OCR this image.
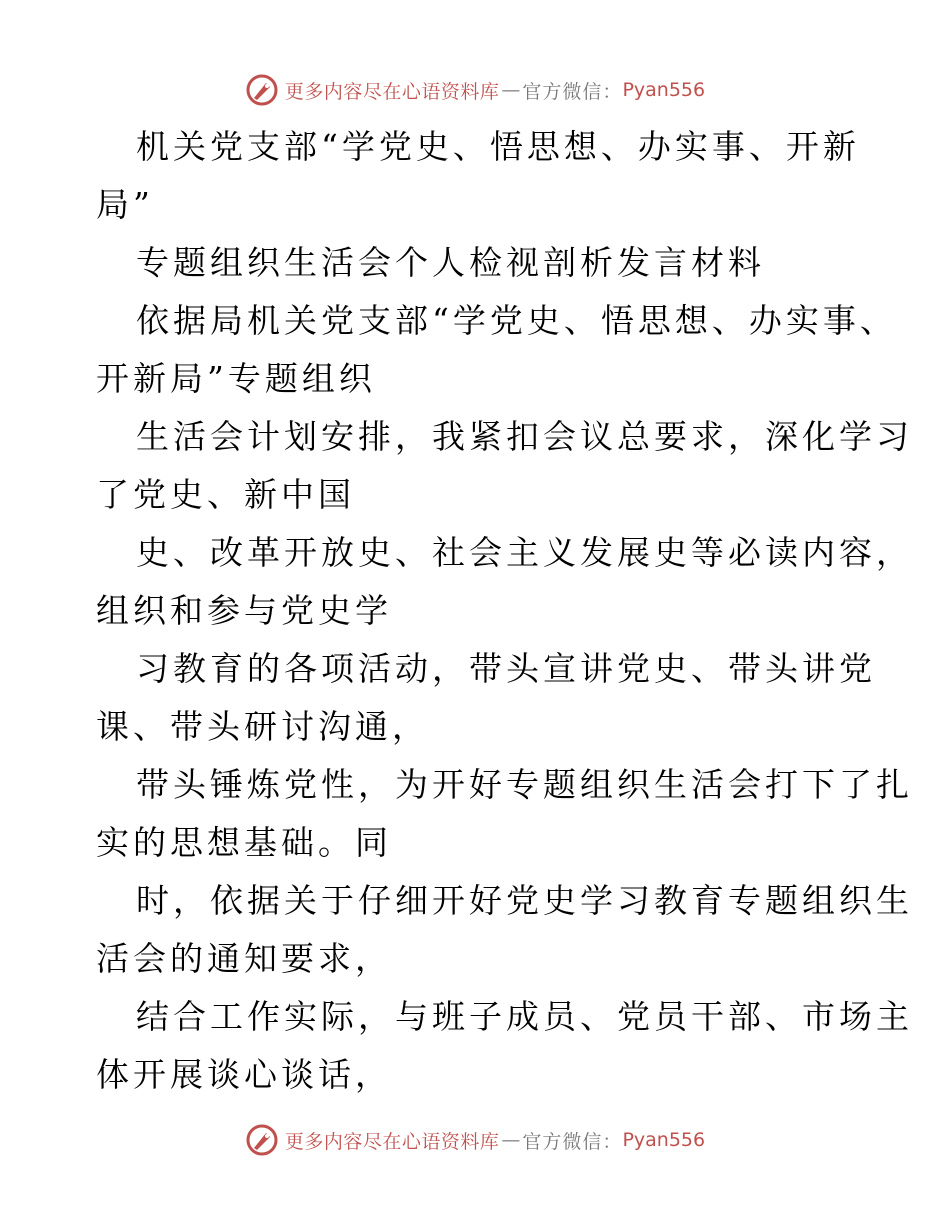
更多内容尽在心语资料库 — 官方微信： Pyan556

机关党支部“学党史、悟思想、办实事、开新
局”

专题组织生活会个人检视剖析发言材料

依据局机关党支部“学党史、悟思想、办实事、
开新局”专题组织

生活会计划安排，我紧扣会议总要求，深化学习
了党史、新中国

史、改革开放史、社会主义发展史等必读内容，
组织和参与党史学

习教育的各项活动，带头宣讲党史、带头讲党
课、带头研讨沟通，

带头锤炼党性，为开好专题组织生活会打下了扎
实的思想基础。同

时，依据关于仔细开好党史学习教育专题组织生
活会的通知要求，

结合工作实际，与班子成员、党员干部、市场主
体开展谈心谈话，

更多内容尽在心语资料库 — 官方微信： Pyan556
